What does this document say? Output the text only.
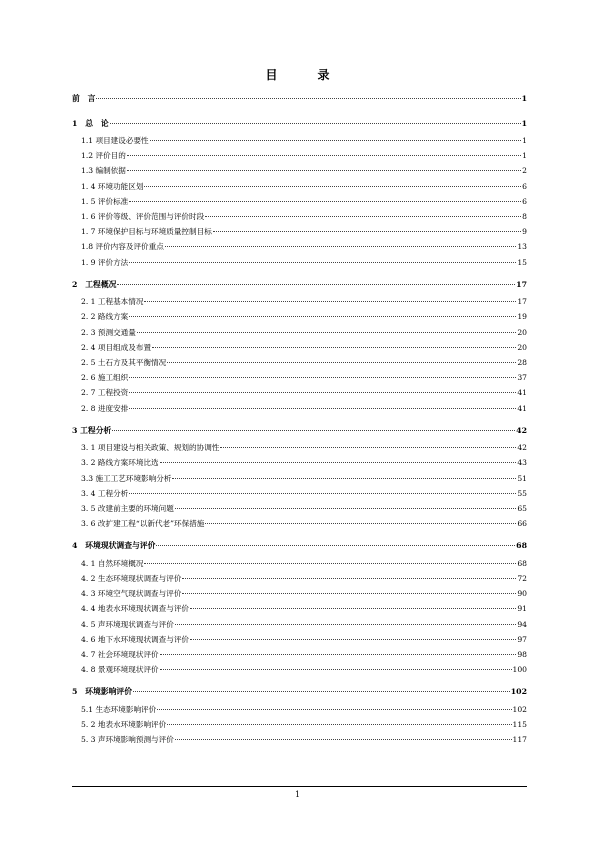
目　录
前　言	1
1　总　论	1
1.1 项目建设必要性	1
1.2 评价目的	1
1.3 编制依据	2
1. 4 环境功能区划	6
1. 5 评价标准	6
1. 6 评价等级、评价范围与评价时段	8
1. 7 环境保护目标与环境质量控制目标	9
1.8 评价内容及评价重点	13
1. 9 评价方法	15
2　工程概况	17
2. 1 工程基本情况	17
2. 2 路线方案	19
2. 3 预测交通量	20
2. 4 项目组成及布置	20
2. 5 土石方及其平衡情况	28
2. 6 施工组织	37
2. 7 工程投资	41
2. 8 进度安排	41
3 工程分析	42
3. 1 项目建设与相关政策、规划的协调性	42
3. 2 路线方案环境比选	43
3.3 施工工艺环境影响分析	51
3. 4 工程分析	55
3. 5 改建前主要的环境问题	65
3. 6 改扩建工程“以新代老”环保措施	66
4　环境现状调查与评价	68
4. 1 自然环境概况	68
4. 2 生态环境现状调查与评价	72
4. 3 环境空气现状调查与评价	90
4. 4 地表水环境现状调查与评价	91
4. 5 声环境现状调查与评价	94
4. 6 地下水环境现状调查与评价	97
4. 7 社会环境现状评价	98
4. 8 景观环境现状评价	100
5　环境影响评价	102
5.1 生态环境影响评价	102
5. 2 地表水环境影响评价	115
5. 3 声环境影响预测与评价	117
1
